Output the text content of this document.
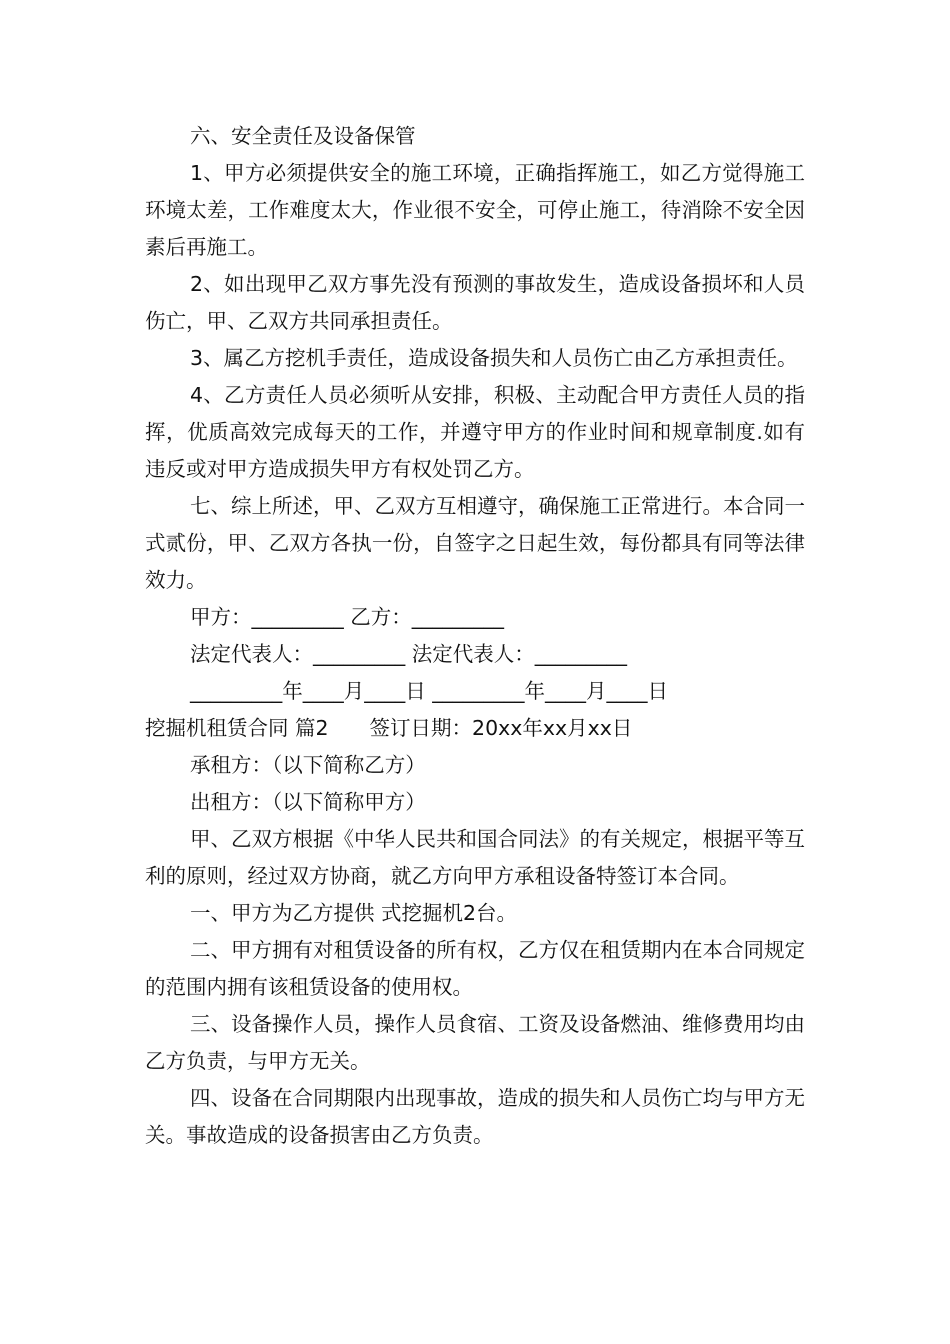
六、安全责任及设备保管

1、甲方必须提供安全的施工环境，正确指挥施工，如乙方觉得施工环境太差，工作难度太大，作业很不安全，可停止施工，待消除不安全因素后再施工。

2、如出现甲乙双方事先没有预测的事故发生，造成设备损坏和人员伤亡，甲、乙双方共同承担责任。

3、属乙方挖机手责任，造成设备损失和人员伤亡由乙方承担责任。

4、乙方责任人员必须听从安排，积极、主动配合甲方责任人员的指挥，优质高效完成每天的工作，并遵守甲方的作业时间和规章制度.如有违反或对甲方造成损失甲方有权处罚乙方。

七、综上所述，甲、乙双方互相遵守，确保施工正常进行。本合同一式贰份，甲、乙双方各执一份，自签字之日起生效，每份都具有同等法律效力。

甲方：_________ 乙方：_________

法定代表人：_________ 法定代表人：_________

_________年____月____日 _________年____月____日

挖掘机租赁合同 篇2　　签订日期：20xx年xx月xx日

承租方：（以下简称乙方）

出租方：（以下简称甲方）

甲、乙双方根据《中华人民共和国合同法》的有关规定，根据平等互利的原则，经过双方协商，就乙方向甲方承租设备特签订本合同。

一、甲方为乙方提供 式挖掘机2台。

二、甲方拥有对租赁设备的所有权，乙方仅在租赁期内在本合同规定的范围内拥有该租赁设备的使用权。

三、设备操作人员，操作人员食宿、工资及设备燃油、维修费用均由乙方负责，与甲方无关。

四、设备在合同期限内出现事故，造成的损失和人员伤亡均与甲方无关。事故造成的设备损害由乙方负责。
